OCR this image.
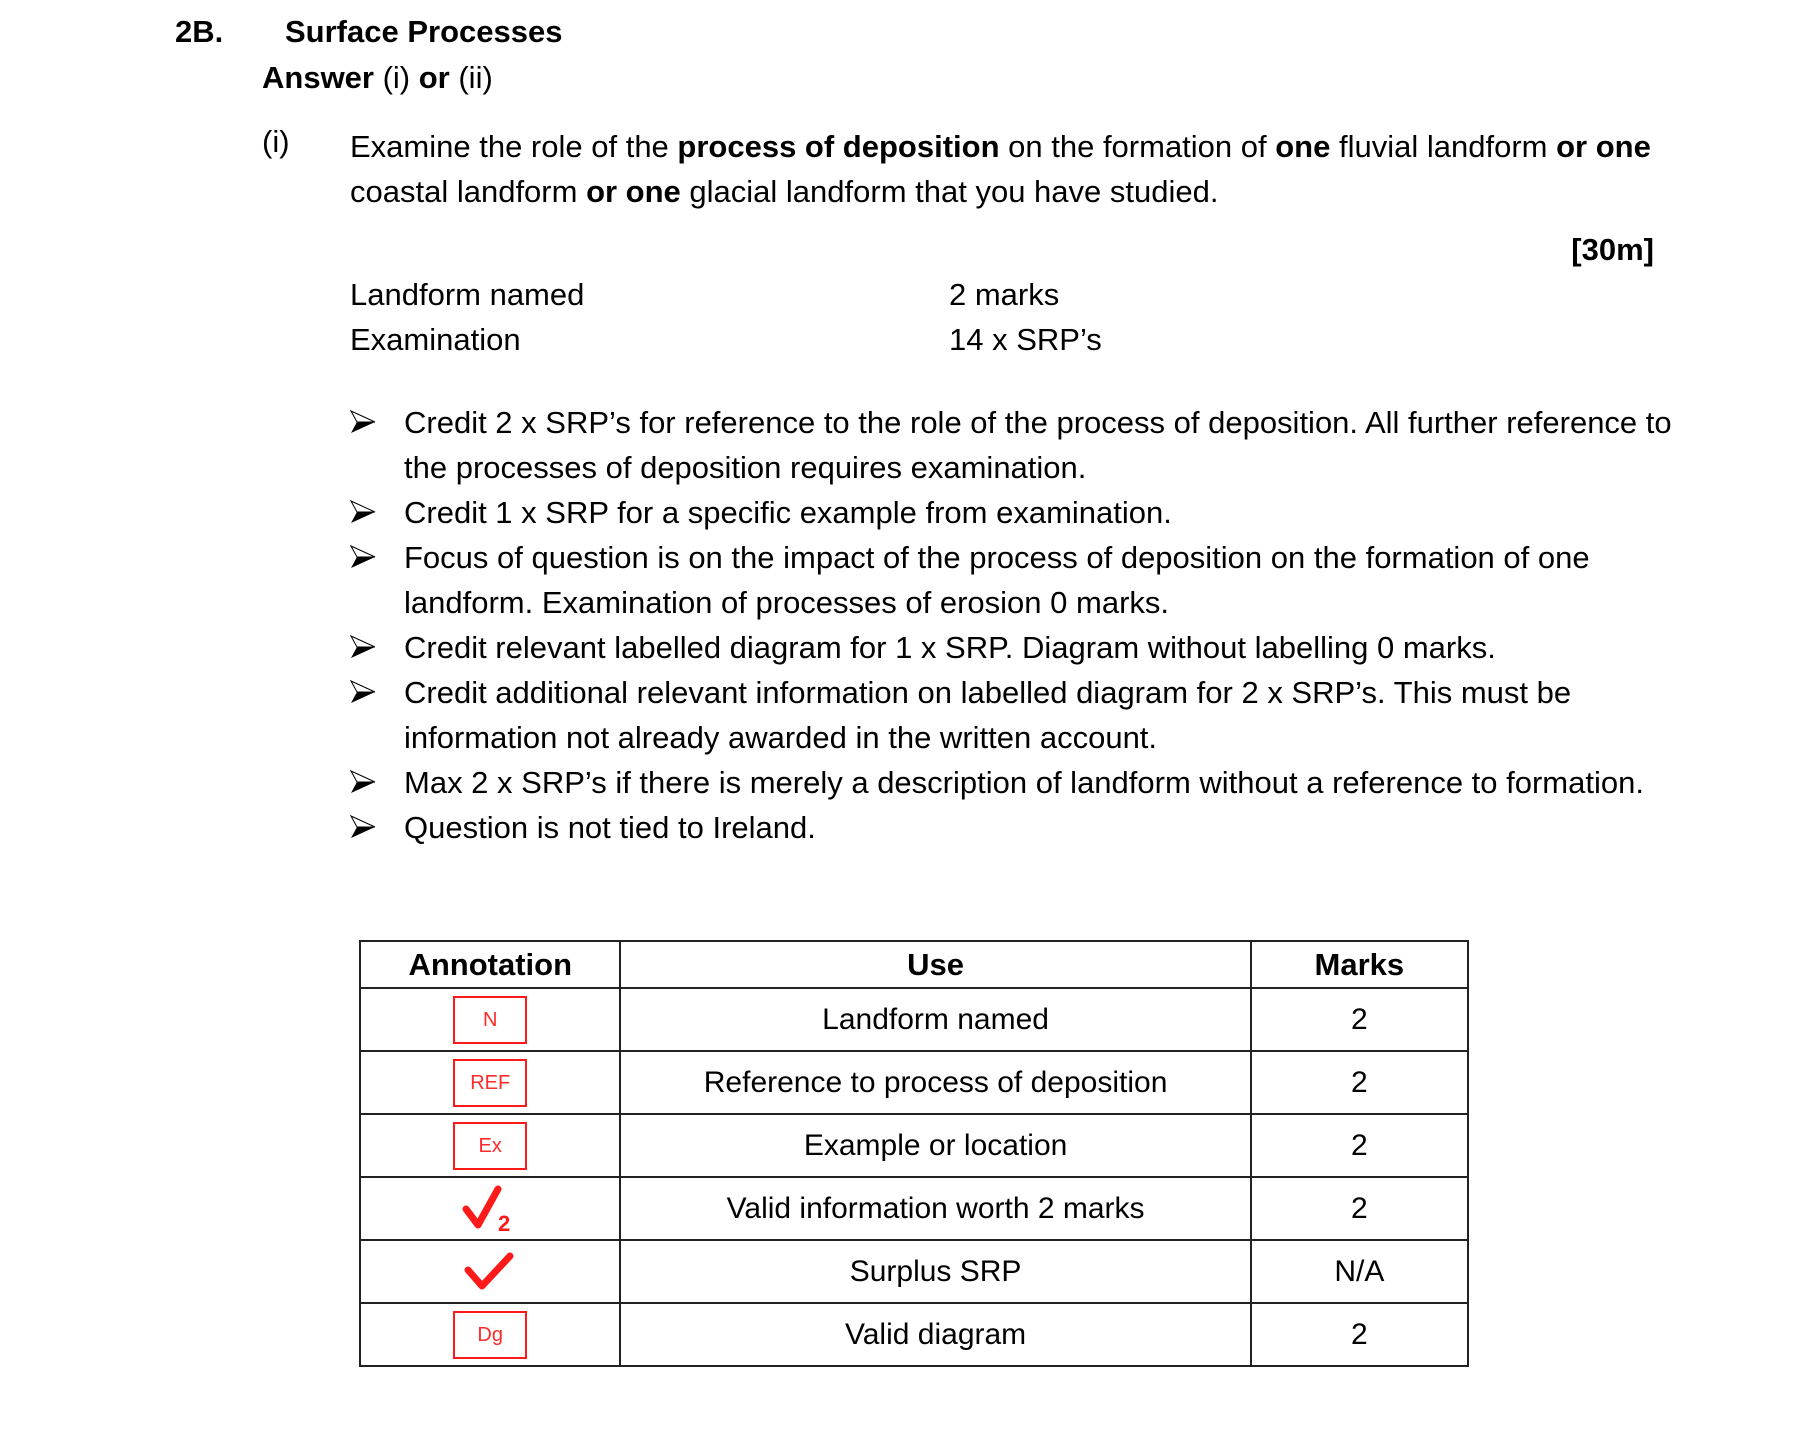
2B. Surface Processes
Answer (i) or (ii)
(i) Examine the role of the process of deposition on the formation of one fluvial landform or one coastal landform or one glacial landform that you have studied.
[30m]
Landform named	2 marks
Examination	14 x SRP’s
Credit 2 x SRP’s for reference to the role of the process of deposition. All further reference to the processes of deposition requires examination.
Credit 1 x SRP for a specific example from examination.
Focus of question is on the impact of the process of deposition on the formation of one landform. Examination of processes of erosion 0 marks.
Credit relevant labelled diagram for 1 x SRP. Diagram without labelling 0 marks.
Credit additional relevant information on labelled diagram for 2 x SRP’s. This must be information not already awarded in the written account.
Max 2 x SRP’s if there is merely a description of landform without a reference to formation.
Question is not tied to Ireland.
Annotation	Use	Marks
N	Landform named	2
REF	Reference to process of deposition	2
Ex	Example or location	2

2	Valid information worth 2 marks	2
	Surplus SRP	N/A
Dg	Valid diagram	2
